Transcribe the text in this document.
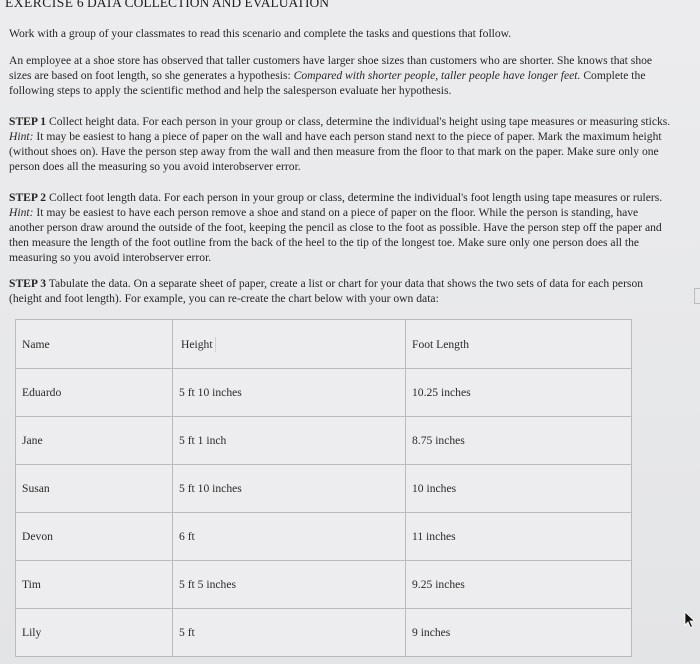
EXERCISE 6 DATA COLLECTION AND EVALUATION
Work with a group of your classmates to read this scenario and complete the tasks and questions that follow.
An employee at a shoe store has observed that taller customers have larger shoe sizes than customers who are shorter. She knows that shoe sizes are based on foot length, so she generates a hypothesis: Compared with shorter people, taller people have longer feet. Complete the following steps to apply the scientific method and help the salesperson evaluate her hypothesis.
STEP 1 Collect height data. For each person in your group or class, determine the individual's height using tape measures or measuring sticks. Hint: It may be easiest to hang a piece of paper on the wall and have each person stand next to the piece of paper. Mark the maximum height (without shoes on). Have the person step away from the wall and then measure from the floor to that mark on the paper. Make sure only one person does all the measuring so you avoid interobserver error.
STEP 2 Collect foot length data. For each person in your group or class, determine the individual's foot length using tape measures or rulers. Hint: It may be easiest to have each person remove a shoe and stand on a piece of paper on the floor. While the person is standing, have another person draw around the outside of the foot, keeping the pencil as close to the foot as possible. Have the person step off the paper and then measure the length of the foot outline from the back of the heel to the tip of the longest toe. Make sure only one person does all the measuring so you avoid interobserver error.
STEP 3 Tabulate the data. On a separate sheet of paper, create a list or chart for your data that shows the two sets of data for each person (height and foot length). For example, you can re-create the chart below with your own data:
Name	Height	Foot Length
Eduardo	5 ft 10 inches	10.25 inches
Jane	5 ft 1 inch	8.75 inches
Susan	5 ft 10 inches	10 inches
Devon	6 ft	11 inches
Tim	5 ft 5 inches	9.25 inches
Lily	5 ft	9 inches
